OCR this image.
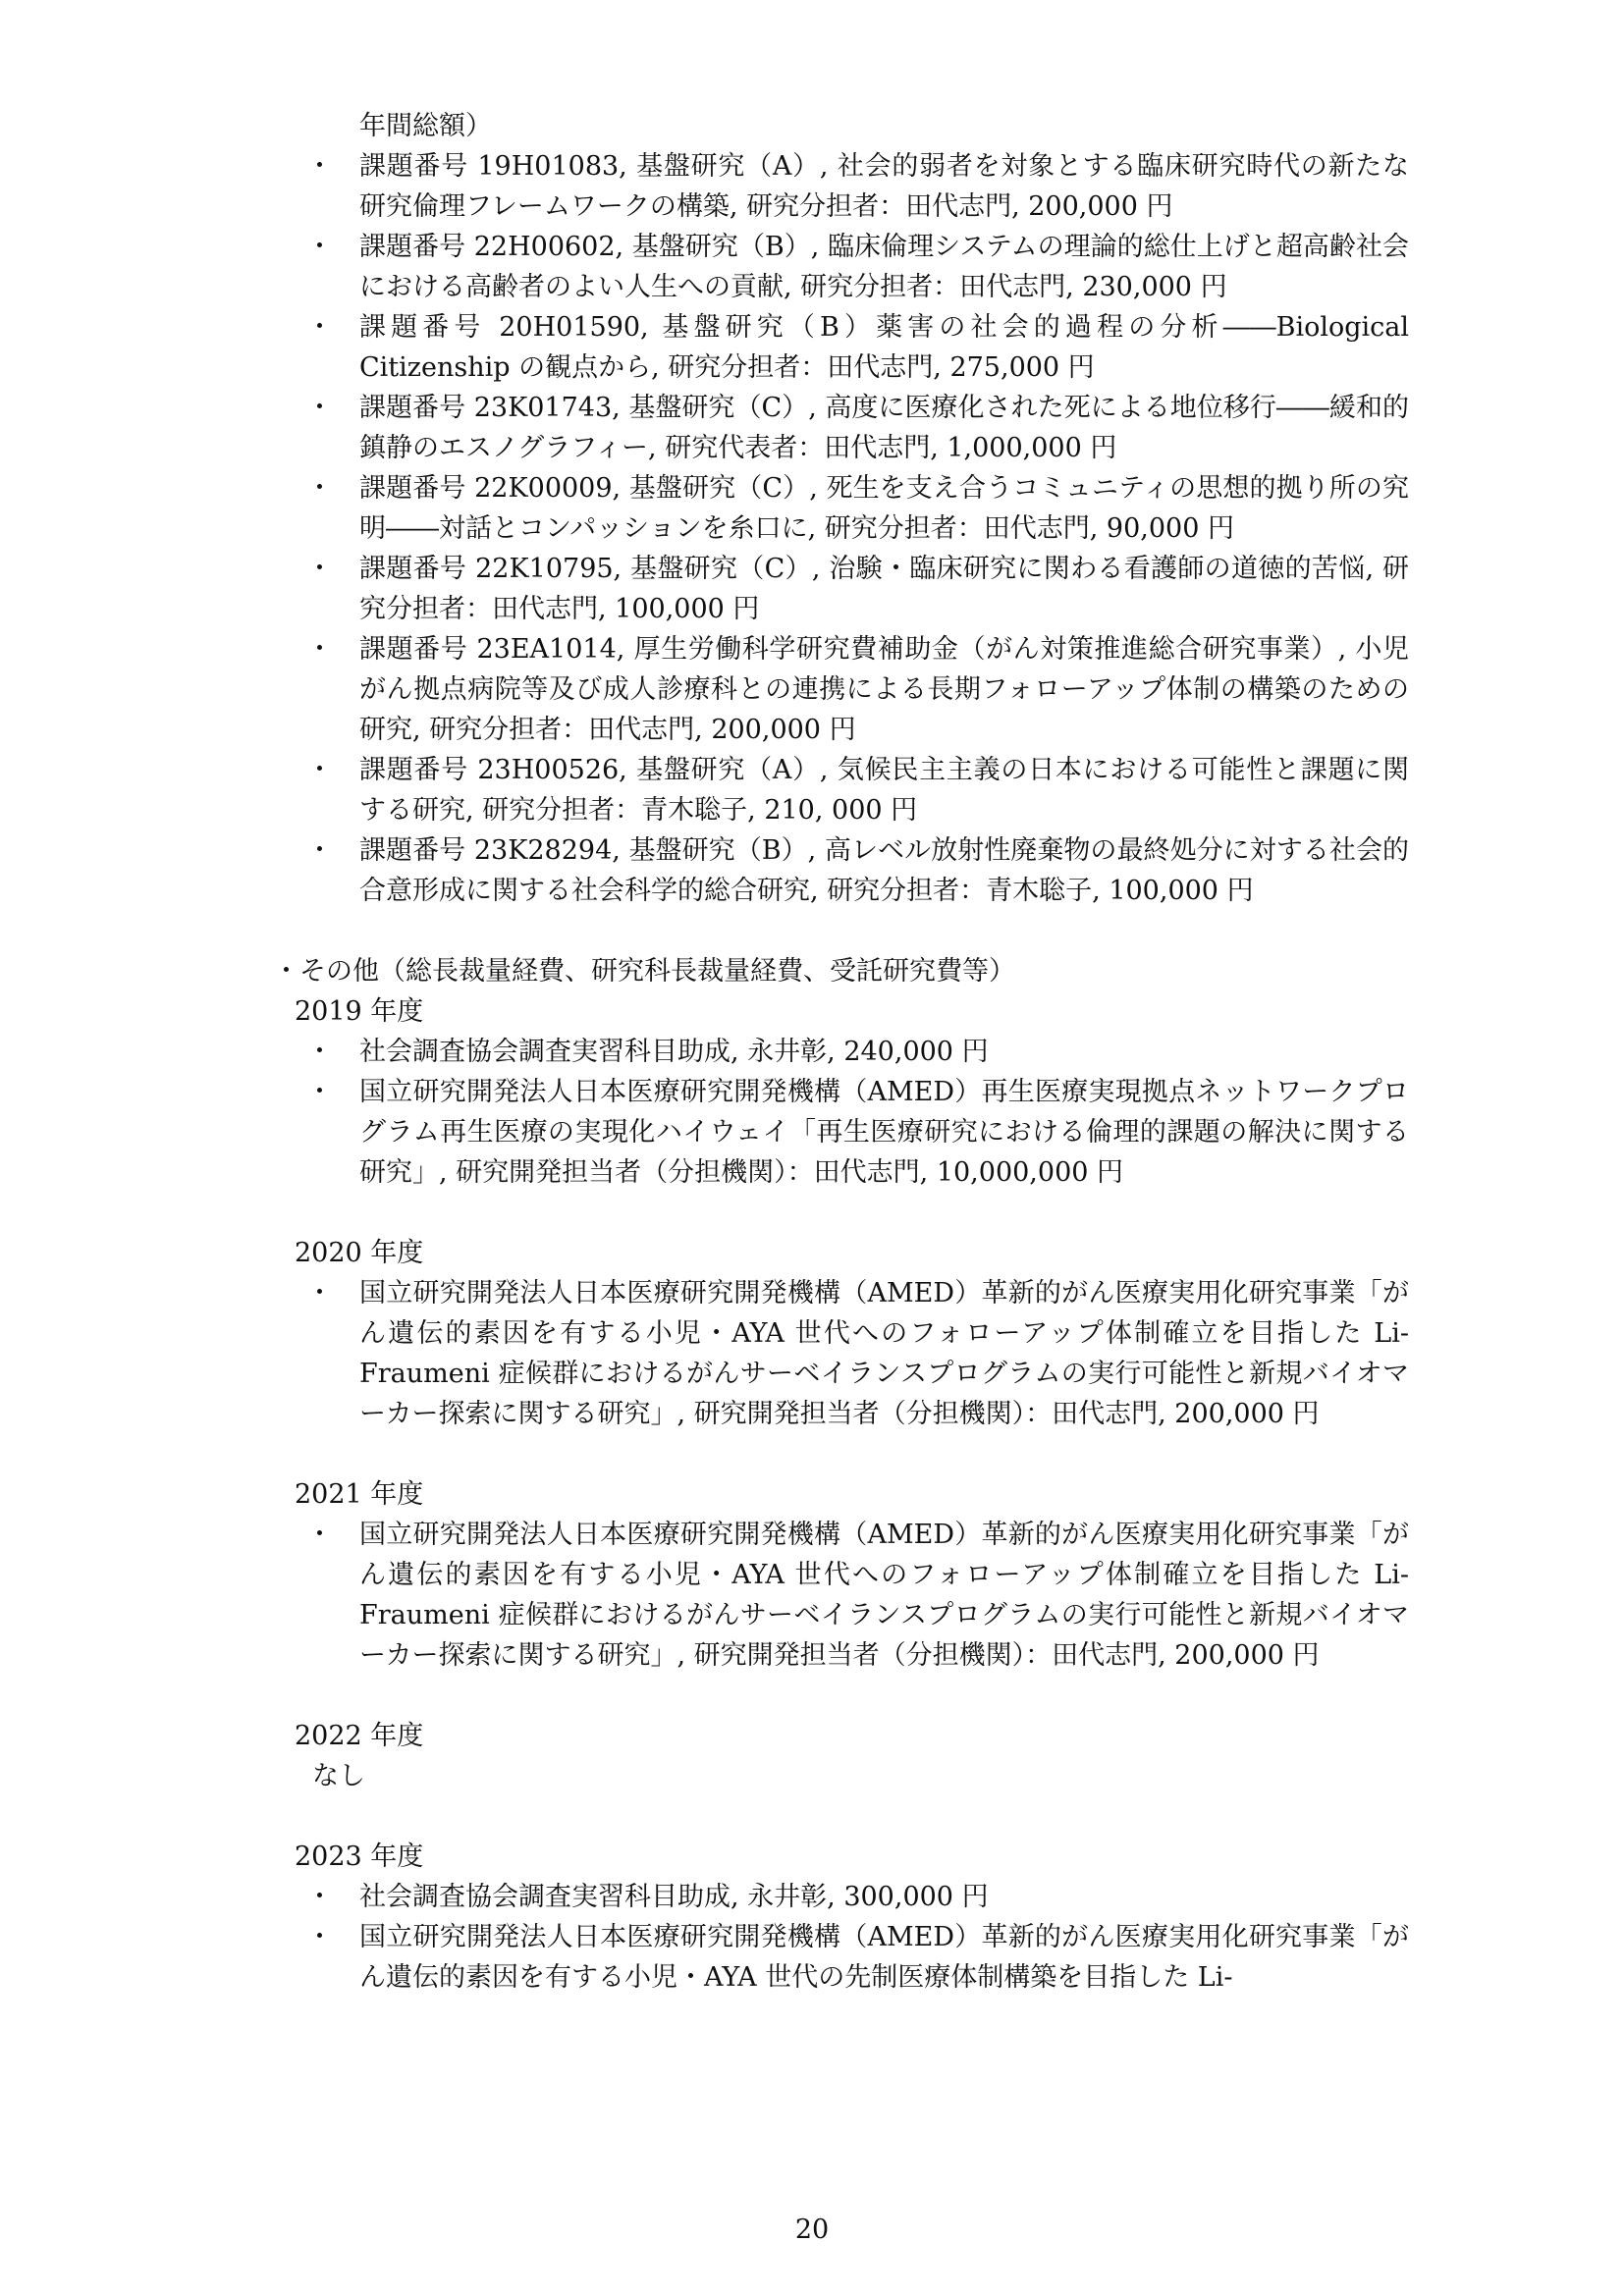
年間総額）
・ 課題番号 19H01083, 基盤研究（A）, 社会的弱者を対象とする臨床研究時代の新たな研究倫理フレームワークの構築, 研究分担者：田代志門, 200,000 円
・ 課題番号 22H00602, 基盤研究（B）, 臨床倫理システムの理論的総仕上げと超高齢社会における高齢者のよい人生への貢献, 研究分担者：田代志門, 230,000 円
・ 課題番号 20H01590, 基盤研究（B）薬害の社会的過程の分析――Biological Citizenship の観点から, 研究分担者：田代志門, 275,000 円
・ 課題番号 23K01743, 基盤研究（C）, 高度に医療化された死による地位移行――緩和的鎮静のエスノグラフィー, 研究代表者：田代志門, 1,000,000 円
・ 課題番号 22K00009, 基盤研究（C）, 死生を支え合うコミュニティの思想的拠り所の究明――対話とコンパッションを糸口に, 研究分担者：田代志門, 90,000 円
・ 課題番号 22K10795, 基盤研究（C）, 治験・臨床研究に関わる看護師の道徳的苦悩, 研究分担者：田代志門, 100,000 円
・ 課題番号 23EA1014, 厚生労働科学研究費補助金（がん対策推進総合研究事業）, 小児がん拠点病院等及び成人診療科との連携による長期フォローアップ体制の構築のための研究, 研究分担者：田代志門, 200,000 円
・ 課題番号 23H00526, 基盤研究（A）, 気候民主主義の日本における可能性と課題に関する研究, 研究分担者：青木聡子, 210, 000 円
・ 課題番号 23K28294, 基盤研究（B）, 高レベル放射性廃棄物の最終処分に対する社会的合意形成に関する社会科学的総合研究, 研究分担者：青木聡子, 100,000 円
・その他（総長裁量経費、研究科長裁量経費、受託研究費等）
2019 年度
・ 社会調査協会調査実習科目助成, 永井彰, 240,000 円
・ 国立研究開発法人日本医療研究開発機構（AMED）再生医療実現拠点ネットワークプログラム再生医療の実現化ハイウェイ「再生医療研究における倫理的課題の解決に関する研究」, 研究開発担当者（分担機関）：田代志門, 10,000,000 円
2020 年度
・ 国立研究開発法人日本医療研究開発機構（AMED）革新的がん医療実用化研究事業「がん遺伝的素因を有する小児・AYA 世代へのフォローアップ体制確立を目指した Li- Fraumeni 症候群におけるがんサーベイランスプログラムの実行可能性と新規バイオマーカー探索に関する研究」, 研究開発担当者（分担機関）：田代志門, 200,000 円
2021 年度
・ 国立研究開発法人日本医療研究開発機構（AMED）革新的がん医療実用化研究事業「がん遺伝的素因を有する小児・AYA 世代へのフォローアップ体制確立を目指した Li- Fraumeni 症候群におけるがんサーベイランスプログラムの実行可能性と新規バイオマーカー探索に関する研究」, 研究開発担当者（分担機関）：田代志門, 200,000 円
2022 年度
なし
2023 年度
・ 社会調査協会調査実習科目助成, 永井彰, 300,000 円
・ 国立研究開発法人日本医療研究開発機構（AMED）革新的がん医療実用化研究事業「がん遺伝的素因を有する小児・AYA 世代の先制医療体制構築を目指した Li-
20
